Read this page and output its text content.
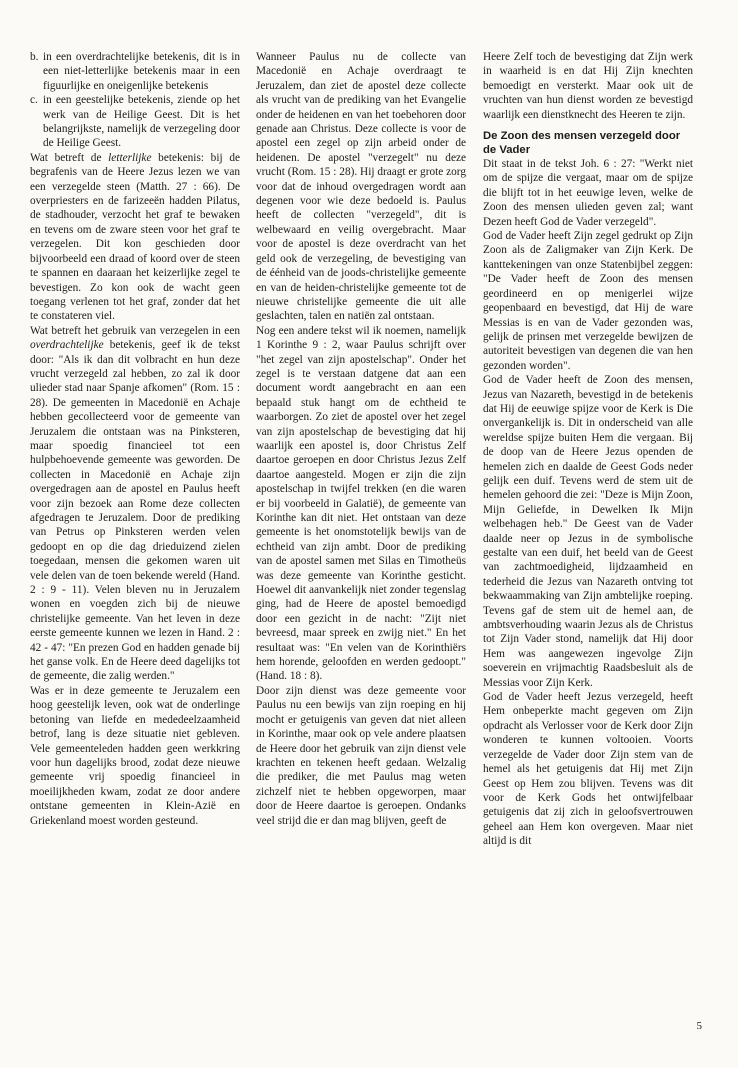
b. in een overdrachtelijke betekenis, dit is in een niet-letterlijke betekenis maar in een figuurlijke en oneigenlijke betekenis
c. in een geestelijke betekenis, ziende op het werk van de Heilige Geest. Dit is het belangrijkste, namelijk de verzegeling door de Heilige Geest.

Wat betreft de letterlijke betekenis: bij de begrafenis van de Heere Jezus lezen we van een verzegelde steen (Matth. 27 : 66). De overpriesters en de farizeeën hadden Pilatus, de stadhouder, verzocht het graf te bewaken en tevens om de zware steen voor het graf te verzegelen. Dit kon geschieden door bijvoorbeeld een draad of koord over de steen te spannen en daaraan het keizerlijke zegel te bevestigen. Zo kon ook de wacht geen toegang verlenen tot het graf, zonder dat het te constateren viel.

Wat betreft het gebruik van verzegelen in een overdrachtelijke betekenis, geef ik de tekst door: "Als ik dan dit volbracht en hun deze vrucht verzegeld zal hebben, zo zal ik door ulieder stad naar Spanje afkomen" (Rom. 15 : 28). De gemeenten in Macedonië en Achaje hebben gecollecteerd voor de gemeente van Jeruzalem die ontstaan was na Pinksteren, maar spoedig financieel tot een hulpbehoevende gemeente was geworden. De collecten in Macedonië en Achaje zijn overgedragen aan de apostel en Paulus heeft voor zijn bezoek aan Rome deze collecten afgedragen te Jeruzalem. Door de prediking van Petrus op Pinksteren werden velen gedoopt en op die dag drieduizend zielen toegedaan, mensen die gekomen waren uit vele delen van de toen bekende wereld (Hand. 2 : 9 - 11). Velen bleven nu in Jeruzalem wonen en voegden zich bij de nieuwe christelijke gemeente. Van het leven in deze eerste gemeente kunnen we lezen in Hand. 2 : 42 - 47: "En prezen God en hadden genade bij het ganse volk. En de Heere deed dagelijks tot de gemeente, die zalig werden."

Was er in deze gemeente te Jeruzalem een hoog geestelijk leven, ook wat de onderlinge betoning van liefde en mededeelzaamheid betrof, lang is deze situatie niet gebleven. Vele gemeenteleden hadden geen werkkring voor hun dagelijks brood, zodat deze nieuwe gemeente vrij spoedig financieel in moeilijkheden kwam, zodat ze door andere ontstane gemeenten in Klein-Azië en Griekenland moest worden gesteund.

Wanneer Paulus nu de collecte van Macedonië en Achaje overdraagt te Jeruzalem, dan ziet de apostel deze collecte als vrucht van de prediking van het Evangelie onder de heidenen en van het toebehoren door genade aan Christus. Deze collecte is voor de apostel een zegel op zijn arbeid onder de heidenen. De apostel "verzegelt" nu deze vrucht (Rom. 15 : 28). Hij draagt er grote zorg voor dat de inhoud overgedragen wordt aan degenen voor wie deze bedoeld is. Paulus heeft de collecten "verzegeld", dit is welbewaard en veilig overgebracht. Maar voor de apostel is deze overdracht van het geld ook de verzegeling, de bevestiging van de éénheid van de joods-christelijke gemeente en van de heiden-christelijke gemeente tot de nieuwe christelijke gemeente die uit alle geslachten, talen en natiën zal ontstaan.

Nog een andere tekst wil ik noemen, namelijk 1 Korinthe 9 : 2, waar Paulus schrijft over "het zegel van zijn apostelschap". Onder het zegel is te verstaan datgene dat aan een document wordt aangebracht en aan een bepaald stuk hangt om de echtheid te waarborgen. Zo ziet de apostel over het zegel van zijn apostelschap de bevestiging dat hij waarlijk een apostel is, door Christus Zelf daartoe geroepen en door Christus Jezus Zelf daartoe aangesteld. Mogen er zijn die zijn apostelschap in twijfel trekken (en die waren er bij voorbeeld in Galatië), de gemeente van Korinthe kan dit niet. Het ontstaan van deze gemeente is het onomstotelijk bewijs van de echtheid van zijn ambt. Door de prediking van de apostel samen met Silas en Timotheüs was deze gemeente van Korinthe gesticht. Hoewel dit aanvankelijk niet zonder tegenslag ging, had de Heere de apostel bemoedigd door een gezicht in de nacht: "Zijt niet bevreesd, maar spreek en zwijg niet." En het resultaat was: "En velen van de Korinthiërs hem horende, geloofden en werden gedoopt." (Hand. 18 : 8).

Door zijn dienst was deze gemeente voor Paulus nu een bewijs van zijn roeping en hij mocht er getuigenis van geven dat niet alleen in Korinthe, maar ook op vele andere plaatsen de Heere door het gebruik van zijn dienst vele krachten en tekenen heeft gedaan. Welzalig die prediker, die met Paulus mag weten zichzelf niet te hebben opgeworpen, maar door de Heere daartoe is geroepen. Ondanks veel strijd die er dan mag blijven, geeft de

Heere Zelf toch de bevestiging dat Zijn werk in waarheid is en dat Hij Zijn knechten bemoedigt en versterkt. Maar ook uit de vruchten van hun dienst worden ze bevestigd waarlijk een dienstknecht des Heeren te zijn.

De Zoon des mensen verzegeld door de Vader

Dit staat in de tekst Joh. 6 : 27: "Werkt niet om de spijze die vergaat, maar om de spijze die blijft tot in het eeuwige leven, welke de Zoon des mensen ulieden geven zal; want Dezen heeft God de Vader verzegeld".

God de Vader heeft Zijn zegel gedrukt op Zijn Zoon als de Zaligmaker van Zijn Kerk. De kanttekeningen van onze Statenbijbel zeggen: "De Vader heeft de Zoon des mensen geordineerd en op menigerlei wijze geopenbaard en bevestigd, dat Hij de ware Messias is en van de Vader gezonden was, gelijk de prinsen met verzegelde bewijzen de autoriteit bevestigen van degenen die van hen gezonden worden".

God de Vader heeft de Zoon des mensen, Jezus van Nazareth, bevestigd in de betekenis dat Hij de eeuwige spijze voor de Kerk is Die onvergankelijk is. Dit in onderscheid van alle wereldse spijze buiten Hem die vergaan. Bij de doop van de Heere Jezus openden de hemelen zich en daalde de Geest Gods neder gelijk een duif. Tevens werd de stem uit de hemelen gehoord die zei: "Deze is Mijn Zoon, Mijn Geliefde, in Dewelken Ik Mijn welbehagen heb." De Geest van de Vader daalde neer op Jezus in de symbolische gestalte van een duif, het beeld van de Geest van zachtmoedigheid, lijdzaamheid en tederheid die Jezus van Nazareth ontving tot bekwaammaking van Zijn ambtelijke roeping. Tevens gaf de stem uit de hemel aan, de ambtsverhouding waarin Jezus als de Christus tot Zijn Vader stond, namelijk dat Hij door Hem was aangewezen ingevolge Zijn soeverein en vrijmachtig Raadsbesluit als de Messias voor Zijn Kerk.

God de Vader heeft Jezus verzegeld, heeft Hem onbeperkte macht gegeven om Zijn opdracht als Verlosser voor de Kerk door Zijn wonderen te kunnen voltooien. Voorts verzegelde de Vader door Zijn stem van de hemel als het getuigenis dat Hij met Zijn Geest op Hem zou blijven. Tevens was dit voor de Kerk Gods het ontwijfelbaar getuigenis dat zij zich in geloofsvertrouwen geheel aan Hem kon overgeven. Maar niet altijd is dit

5
